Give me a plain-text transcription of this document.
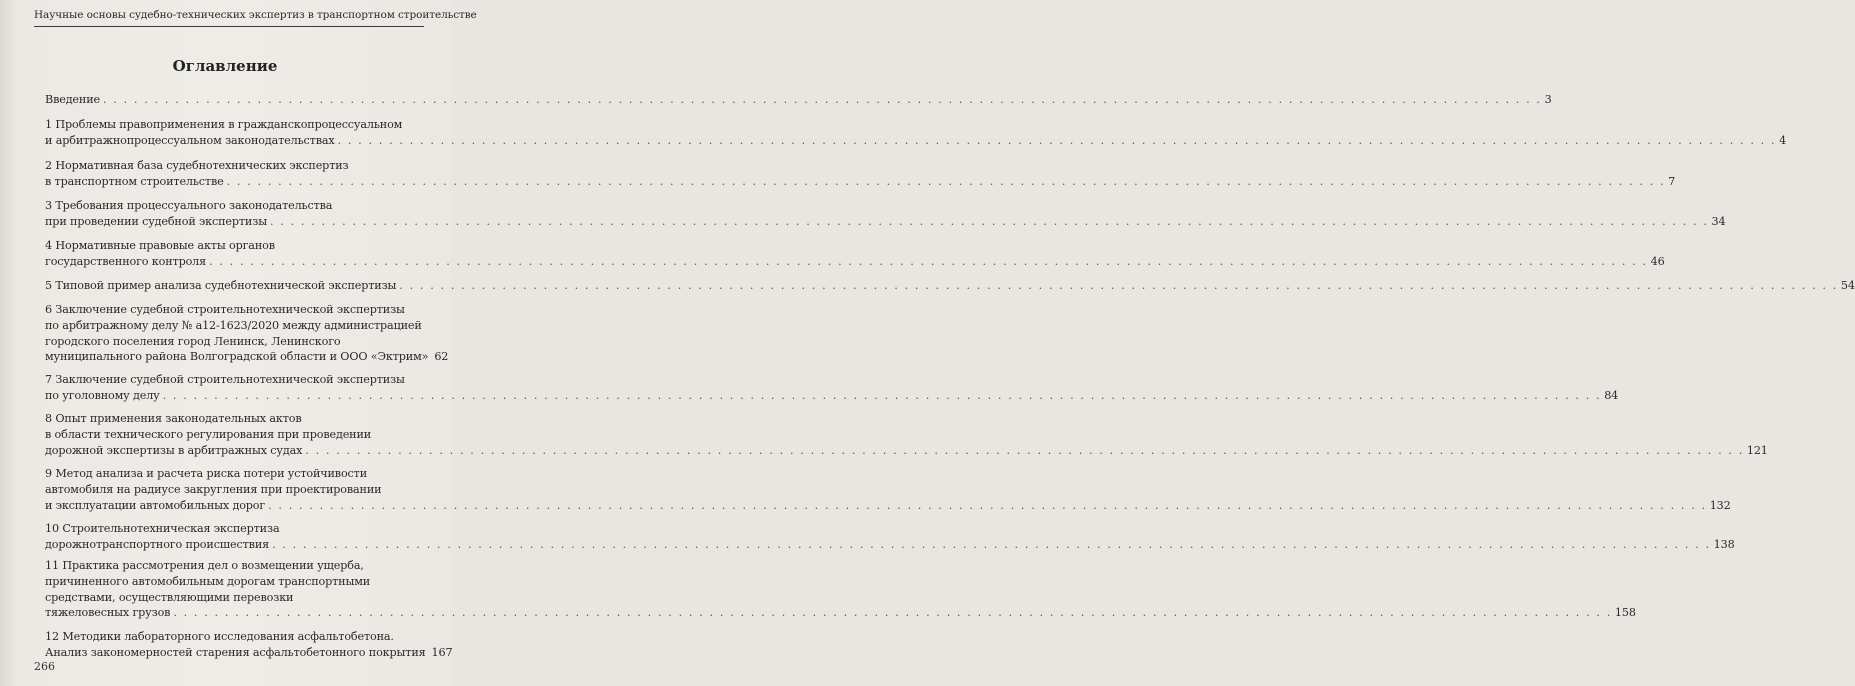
Научные основы судебно-технических экспертиз в транспортном строительстве
Оглавление
Введение . . . . . . . . . . . . . . . . . . . . . . . . . . . . . . . . . . . . . . . . . . . . . . . . . . . . . . . . . . . . . . . . . . . . . . . . . . . . . . . . . . . . . . . . . . . . . . . . . . . . . . . . . . . . . . . . . . . . . . . . . . . . . . . . . . . . . . . . . . . . 3
1 Проблемы правоприменения в гражданскопроцессуальном
и арбитражнопроцессуальном законодательствах . . . . . . . . . . . . . . . . . . . . . . . . . . . . . . . . . . . . . . . . . . . . . . . . . . . . . . . . . . . . . . . . . . . . . . . . . . . . . . . . . . . . . . . . . . . . . . . . . . . . . . . . . . . . . . . . . . . . . . . . . . . . . . . . . . . . . . . . . . . . 4
2 Нормативная база судебнотехнических экспертиз
в транспортном строительстве . . . . . . . . . . . . . . . . . . . . . . . . . . . . . . . . . . . . . . . . . . . . . . . . . . . . . . . . . . . . . . . . . . . . . . . . . . . . . . . . . . . . . . . . . . . . . . . . . . . . . . . . . . . . . . . . . . . . . . . . . . . . . . . . . . . . . . . . . . . . 7
3 Требования процессуального законодательства
при проведении судебной экспертизы . . . . . . . . . . . . . . . . . . . . . . . . . . . . . . . . . . . . . . . . . . . . . . . . . . . . . . . . . . . . . . . . . . . . . . . . . . . . . . . . . . . . . . . . . . . . . . . . . . . . . . . . . . . . . . . . . . . . . . . . . . . . . . . . . . . . . . . . . . . . 34
4 Нормативные правовые акты органов
государственного контроля . . . . . . . . . . . . . . . . . . . . . . . . . . . . . . . . . . . . . . . . . . . . . . . . . . . . . . . . . . . . . . . . . . . . . . . . . . . . . . . . . . . . . . . . . . . . . . . . . . . . . . . . . . . . . . . . . . . . . . . . . . . . . . . . . . . . . . . . . . . . 46
5 Типовой пример анализа судебнотехнической экспертизы . . . . . . . . . . . . . . . . . . . . . . . . . . . . . . . . . . . . . . . . . . . . . . . . . . . . . . . . . . . . . . . . . . . . . . . . . . . . . . . . . . . . . . . . . . . . . . . . . . . . . . . . . . . . . . . . . . . . . . . . . . . . . . . . . . . . . . . . . . . . 54
6 Заключение судебной строительнотехнической экспертизы
по арбитражному делу № а12-1623/2020 между администрацией
городского поселения город Ленинск, Ленинского
муниципального района Волгоградской области и ООО «Эктрим» 62
7 Заключение судебной строительнотехнической экспертизы
по уголовному делу . . . . . . . . . . . . . . . . . . . . . . . . . . . . . . . . . . . . . . . . . . . . . . . . . . . . . . . . . . . . . . . . . . . . . . . . . . . . . . . . . . . . . . . . . . . . . . . . . . . . . . . . . . . . . . . . . . . . . . . . . . . . . . . . . . . . . . . . . . . . 84
8 Опыт применения законодательных актов
в области технического регулирования при проведении
дорожной экспертизы в арбитражных судах . . . . . . . . . . . . . . . . . . . . . . . . . . . . . . . . . . . . . . . . . . . . . . . . . . . . . . . . . . . . . . . . . . . . . . . . . . . . . . . . . . . . . . . . . . . . . . . . . . . . . . . . . . . . . . . . . . . . . . . . . . . . . . . . . . . . . . . . . . . . 121
9 Метод анализа и расчета риска потери устойчивости
автомобиля на радиусе закругления при проектировании
и эксплуатации автомобильных дорог . . . . . . . . . . . . . . . . . . . . . . . . . . . . . . . . . . . . . . . . . . . . . . . . . . . . . . . . . . . . . . . . . . . . . . . . . . . . . . . . . . . . . . . . . . . . . . . . . . . . . . . . . . . . . . . . . . . . . . . . . . . . . . . . . . . . . . . . . . . . 132
10 Строительнотехническая экспертиза
дорожнотранспортного происшествия . . . . . . . . . . . . . . . . . . . . . . . . . . . . . . . . . . . . . . . . . . . . . . . . . . . . . . . . . . . . . . . . . . . . . . . . . . . . . . . . . . . . . . . . . . . . . . . . . . . . . . . . . . . . . . . . . . . . . . . . . . . . . . . . . . . . . . . . . . . . 138
11 Практика рассмотрения дел о возмещении ущерба,
причиненного автомобильным дорогам транспортными
средствами, осуществляющими перевозки
тяжеловесных грузов . . . . . . . . . . . . . . . . . . . . . . . . . . . . . . . . . . . . . . . . . . . . . . . . . . . . . . . . . . . . . . . . . . . . . . . . . . . . . . . . . . . . . . . . . . . . . . . . . . . . . . . . . . . . . . . . . . . . . . . . . . . . . . . . . . . . . . . . . . . . 158
12 Методики лабораторного исследования асфальтобетона.
Анализ закономерностей старения асфальтобетонного покрытия 167
266
